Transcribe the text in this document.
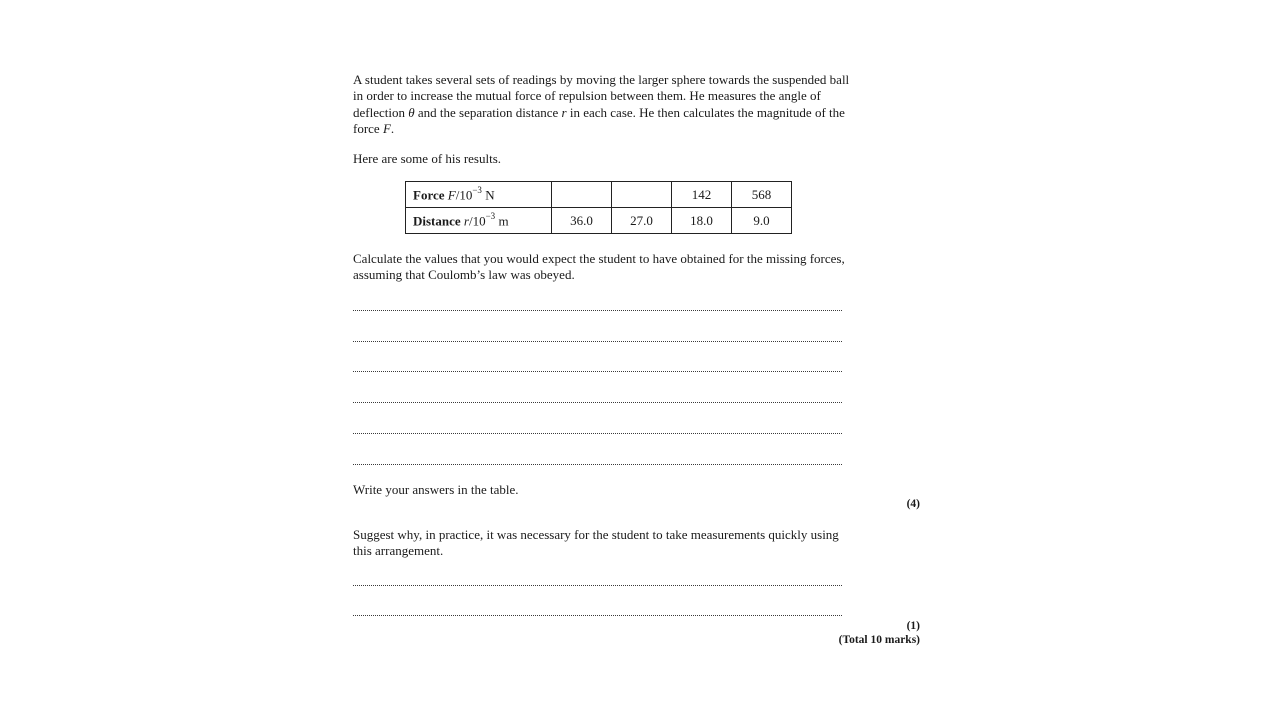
A student takes several sets of readings by moving the larger sphere towards the suspended ball
in order to increase the mutual force of repulsion between them. He measures the angle of
deflection θ and the separation distance r in each case. He then calculates the magnitude of the
force F.

Here are some of his results.

Force $F/10^{-3}$ N			142	568
Distance $r/10^{-3}$ m	36.0	27.0	18.0	9.0

Calculate the values that you would expect the student to have obtained for the missing forces,
assuming that Coulomb’s law was obeyed.

Write your answers in the table.

(4)

Suggest why, in practice, it was necessary for the student to take measurements quickly using
this arrangement.

(1)
(Total 10 marks)
